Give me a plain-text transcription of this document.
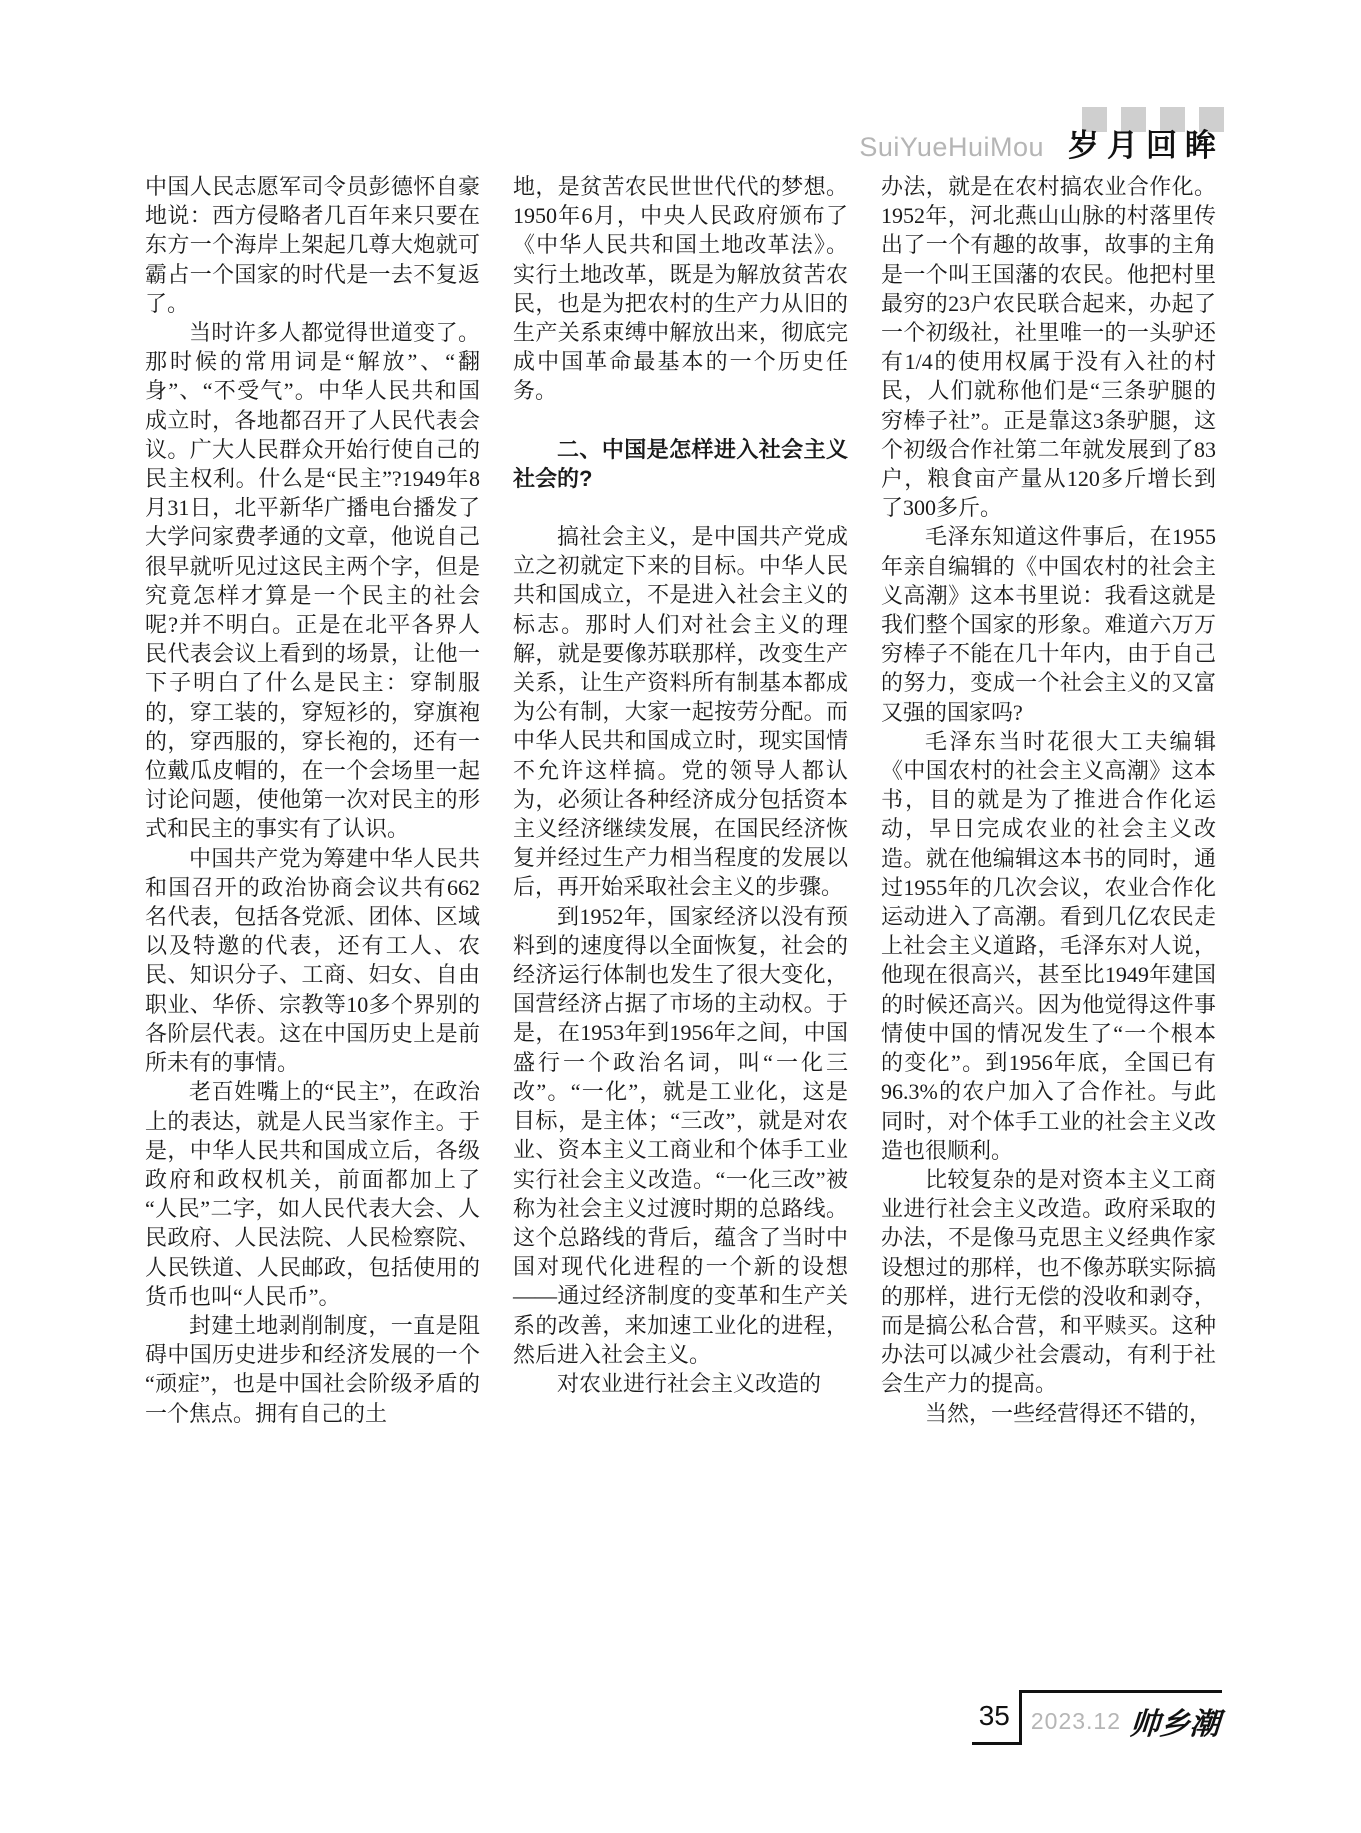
SuiYueHuiMou 岁 月 回 眸

中国人民志愿军司令员彭德怀自豪地说：西方侵略者几百年来只要在东方一个海岸上架起几尊大炮就可霸占一个国家的时代是一去不复返了。

当时许多人都觉得世道变了。那时候的常用词是“解放”、“翻身”、“不受气”。中华人民共和国成立时，各地都召开了人民代表会议。广大人民群众开始行使自己的民主权利。什么是“民主”?1949年8月31日，北平新华广播电台播发了大学问家费孝通的文章，他说自己很早就听见过这民主两个字，但是究竟怎样才算是一个民主的社会呢?并不明白。正是在北平各界人民代表会议上看到的场景，让他一下子明白了什么是民主：穿制服的，穿工装的，穿短衫的，穿旗袍的，穿西服的，穿长袍的，还有一位戴瓜皮帽的，在一个会场里一起讨论问题，使他第一次对民主的形式和民主的事实有了认识。

中国共产党为筹建中华人民共和国召开的政治协商会议共有662名代表，包括各党派、团体、区域以及特邀的代表，还有工人、农民、知识分子、工商、妇女、自由职业、华侨、宗教等10多个界别的各阶层代表。这在中国历史上是前所未有的事情。

老百姓嘴上的“民主”，在政治上的表达，就是人民当家作主。于是，中华人民共和国成立后，各级政府和政权机关，前面都加上了“人民”二字，如人民代表大会、人民政府、人民法院、人民检察院、人民铁道、人民邮政，包括使用的货币也叫“人民币”。

封建土地剥削制度，一直是阻碍中国历史进步和经济发展的一个“顽症”，也是中国社会阶级矛盾的一个焦点。拥有自己的土

地，是贫苦农民世世代代的梦想。1950年6月，中央人民政府颁布了《中华人民共和国土地改革法》。实行土地改革，既是为解放贫苦农民，也是为把农村的生产力从旧的生产关系束缚中解放出来，彻底完成中国革命最基本的一个历史任务。

二、中国是怎样进入社会主义社会的?

搞社会主义，是中国共产党成立之初就定下来的目标。中华人民共和国成立，不是进入社会主义的标志。那时人们对社会主义的理解，就是要像苏联那样，改变生产关系，让生产资料所有制基本都成为公有制，大家一起按劳分配。而中华人民共和国成立时，现实国情不允许这样搞。党的领导人都认为，必须让各种经济成分包括资本主义经济继续发展，在国民经济恢复并经过生产力相当程度的发展以后，再开始采取社会主义的步骤。

到1952年，国家经济以没有预料到的速度得以全面恢复，社会的经济运行体制也发生了很大变化，国营经济占据了市场的主动权。于是，在1953年到1956年之间，中国盛行一个政治名词，叫“一化三改”。“一化”，就是工业化，这是目标，是主体；“三改”，就是对农业、资本主义工商业和个体手工业实行社会主义改造。“一化三改”被称为社会主义过渡时期的总路线。这个总路线的背后，蕴含了当时中国对现代化进程的一个新的设想——通过经济制度的变革和生产关系的改善，来加速工业化的进程，然后进入社会主义。

对农业进行社会主义改造的

办法，就是在农村搞农业合作化。1952年，河北燕山山脉的村落里传出了一个有趣的故事，故事的主角是一个叫王国藩的农民。他把村里最穷的23户农民联合起来，办起了一个初级社，社里唯一的一头驴还有1/4的使用权属于没有入社的村民，人们就称他们是“三条驴腿的穷棒子社”。正是靠这3条驴腿，这个初级合作社第二年就发展到了83户，粮食亩产量从120多斤增长到了300多斤。

毛泽东知道这件事后，在1955年亲自编辑的《中国农村的社会主义高潮》这本书里说：我看这就是我们整个国家的形象。难道六万万穷棒子不能在几十年内，由于自己的努力，变成一个社会主义的又富又强的国家吗?

毛泽东当时花很大工夫编辑《中国农村的社会主义高潮》这本书，目的就是为了推进合作化运动，早日完成农业的社会主义改造。就在他编辑这本书的同时，通过1955年的几次会议，农业合作化运动进入了高潮。看到几亿农民走上社会主义道路，毛泽东对人说，他现在很高兴，甚至比1949年建国的时候还高兴。因为他觉得这件事情使中国的情况发生了“一个根本的变化”。到1956年底，全国已有96.3%的农户加入了合作社。与此同时，对个体手工业的社会主义改造也很顺利。

比较复杂的是对资本主义工商业进行社会主义改造。政府采取的办法，不是像马克思主义经典作家设想过的那样，也不像苏联实际搞的那样，进行无偿的没收和剥夺，而是搞公私合营，和平赎买。这种办法可以减少社会震动，有利于社会生产力的提高。

当然，一些经营得还不错的，

35 2023.12 帅乡潮
